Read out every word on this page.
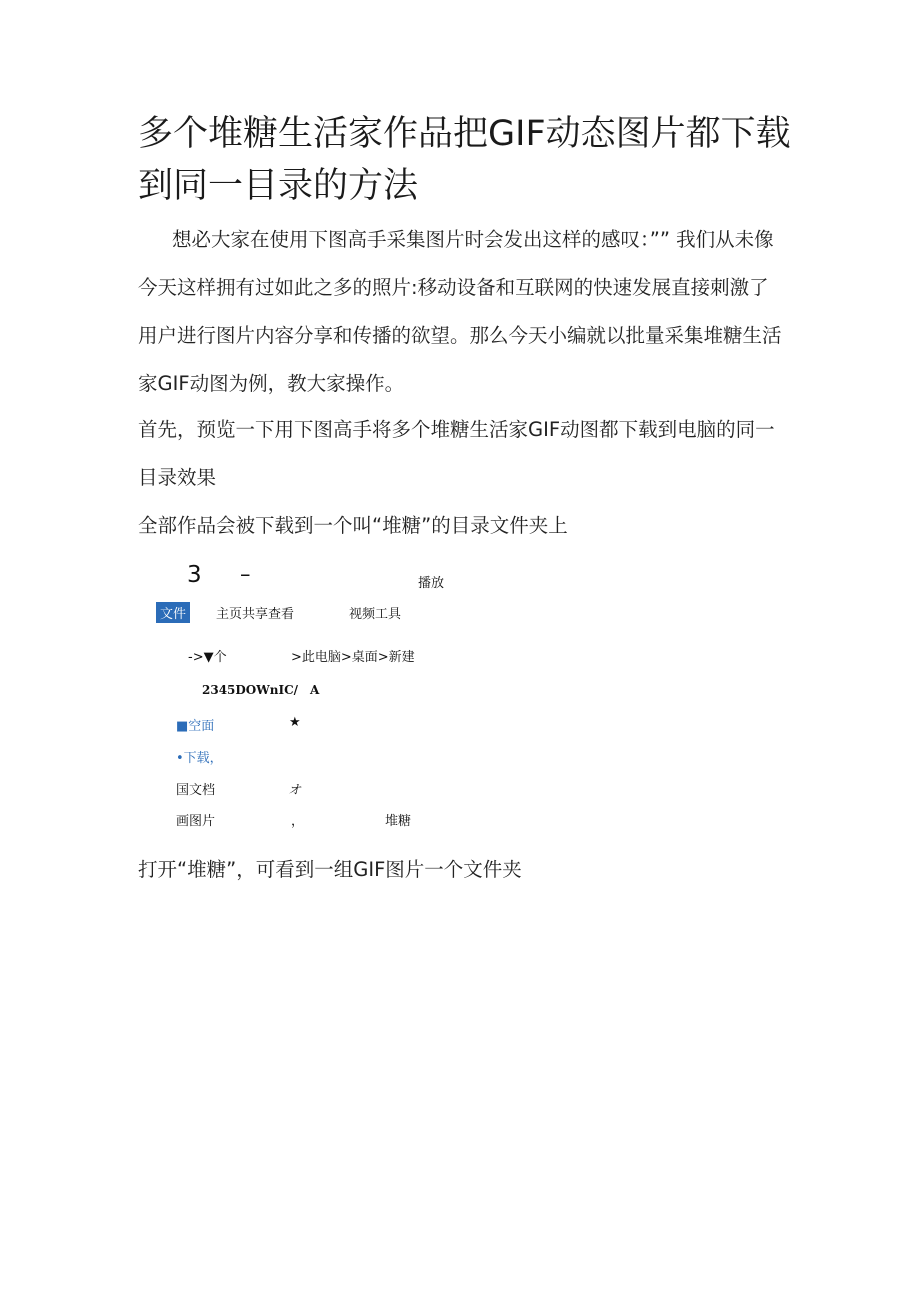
多个堆糖生活家作品把GIF动态图片都下载到同一目录的方法

想必大家在使用下图高手采集图片时会发出这样的感叹：”” 我们从未像今天这样拥有过如此之多的照片:移动设备和互联网的快速发展直接刺激了用户进行图片内容分享和传播的欲望。那么今天小编就以批量采集堆糖生活家GIF动图为例，教大家操作。

首先，预览一下用下图高手将多个堆糖生活家GIF动图都下载到电脑的同一目录效果

全部作品会被下载到一个叫“堆糖”的目录文件夹上

3 –	播放
文件	主页共享查看	视频工具
->▼个	>此电脑>桌面>新建
2345DOWnIC/ A
■空面	★
•下载，
国文档	オ
画图片	，	堆糖

打开“堆糖”，可看到一组GIF图片一个文件夹
